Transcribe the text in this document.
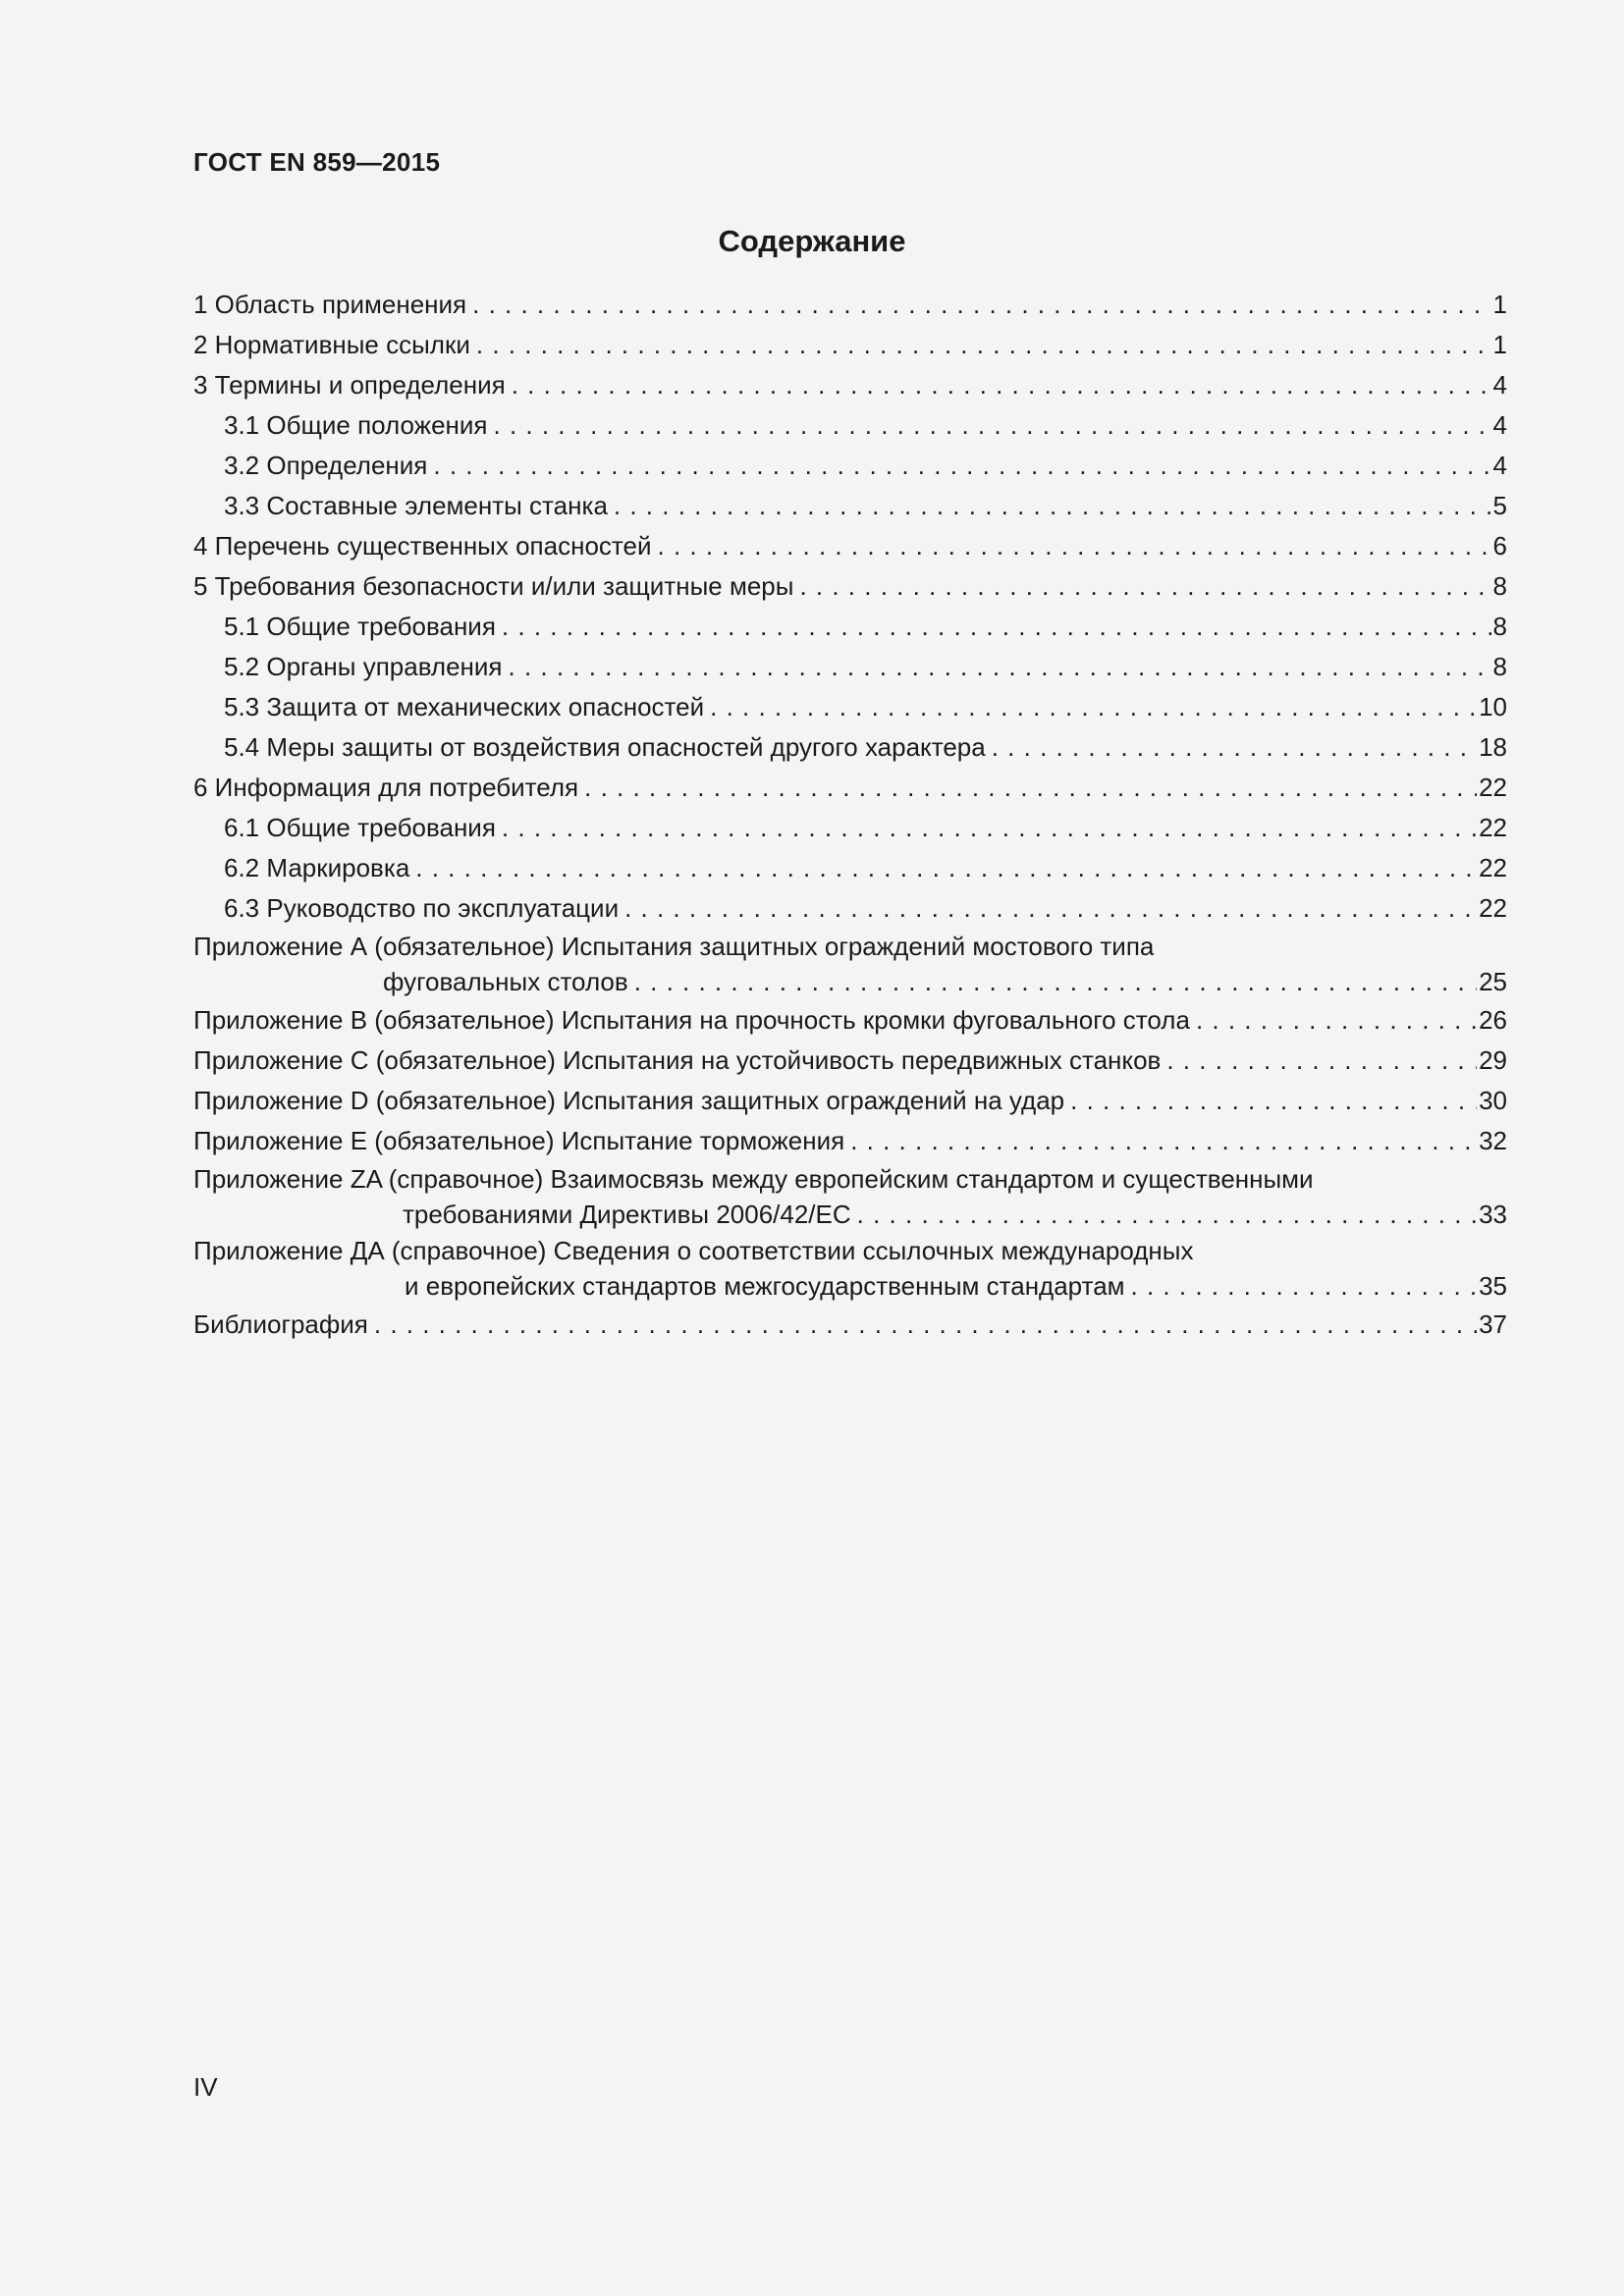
ГОСТ EN 859—2015
Содержание
1 Область применения . . .	1
2 Нормативные ссылки . . .	1
3 Термины и определения . . .	4
3.1 Общие положения . . .	4
3.2 Определения . . .	4
3.3 Составные элементы станка . . .	5
4 Перечень существенных опасностей . . .	6
5 Требования безопасности и/или защитные меры . . .	8
5.1 Общие требования . . .	8
5.2 Органы управления . . .	8
5.3 Защита от механических опасностей . . .	10
5.4 Меры защиты от воздействия опасностей другого характера . . .	18
6 Информация для потребителя . . .	22
6.1 Общие требования . . .	22
6.2 Маркировка . . .	22
6.3 Руководство по эксплуатации . . .	22
Приложение А (обязательное) Испытания защитных ограждений мостового типа
фуговальных столов . . .	25
Приложение В (обязательное) Испытания на прочность кромки фуговального стола . . .	26
Приложение С (обязательное) Испытания на устойчивость передвижных станков . . .	29
Приложение D (обязательное) Испытания защитных ограждений на удар . . .	30
Приложение Е (обязательное) Испытание торможения . . .	32
Приложение ZA (справочное) Взаимосвязь между европейским стандартом и существенными
требованиями Директивы 2006/42/ЕС . . .	33
Приложение ДА (справочное) Сведения о соответствии ссылочных международных
и европейских стандартов межгосударственным стандартам . . .	35
Библиография . . .	37
IV
